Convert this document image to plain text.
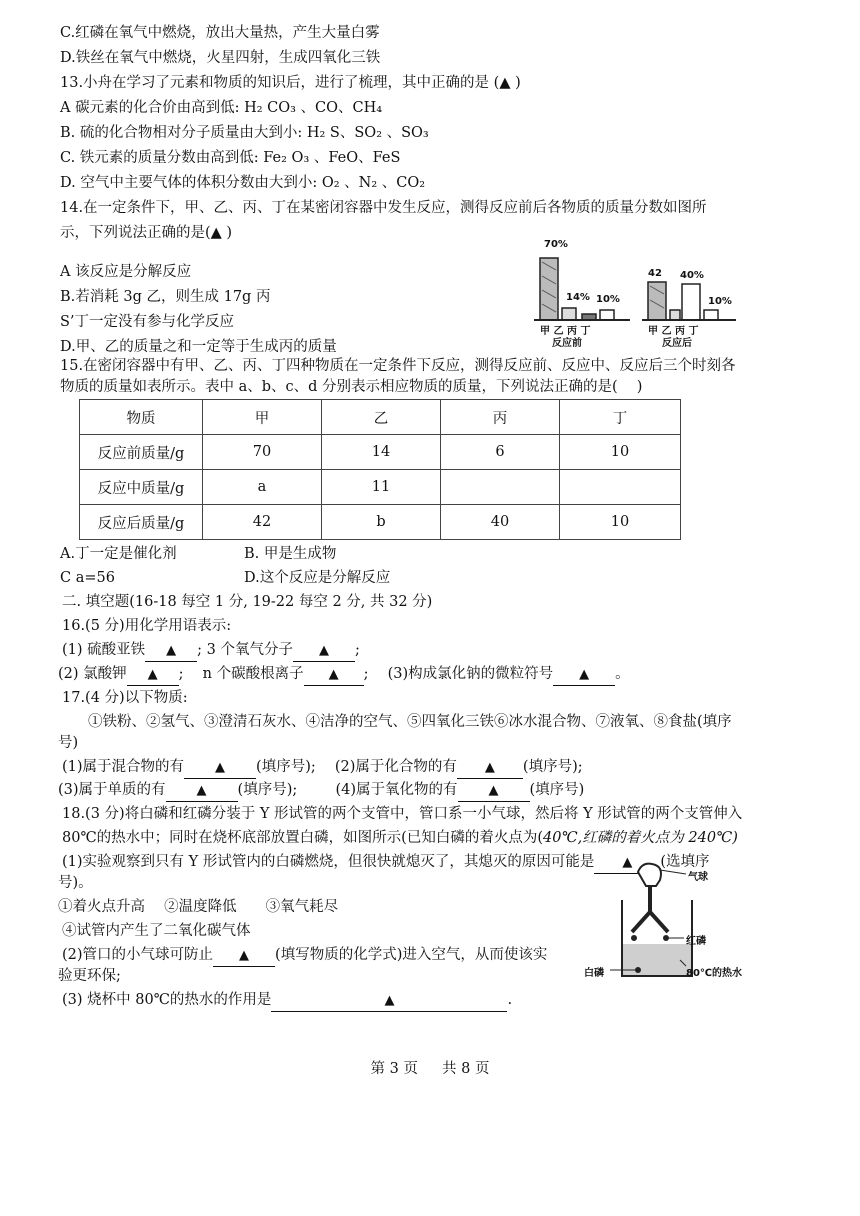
C.红磷在氧气中燃烧，放出大量热，产生大量白雾
D.铁丝在氧气中燃烧，火星四射，生成四氧化三铁
13.小舟在学习了元素和物质的知识后，进行了梳理，其中正确的是 (▲ )
A 碳元素的化合价由高到低: H₂ CO₃ 、CO、CH₄
B. 硫的化合物相对分子质量由大到小: H₂ S、SO₂ 、SO₃
C. 铁元素的质量分数由高到低: Fe₂ O₃ 、FeO、FeS
D. 空气中主要气体的体积分数由大到小: O₂ 、N₂ 、CO₂
14.在一定条件下，甲、乙、丙、丁在某密闭容器中发生反应，测得反应前后各物质的质量分数如图所
示，下列说法正确的是(▲ )
A 该反应是分解反应
B.若消耗 3g 乙，则生成 17g 丙
S’丁一定没有参与化学反应
D.甲、乙的质量之和一定等于生成丙的质量
70%
14% 10%
甲 乙 丙 丁
反应前
42 40%
10%
甲 乙 丙 丁
反应后
15.在密闭容器中有甲、乙、丙、丁四种物质在一定条件下反应，测得反应前、反应中、反应后三个时刻各
物质的质量如表所示。表中 a、b、c、d 分别表示相应物质的质量，下列说法正确的是(　 )
物质	甲	乙	丙	丁
反应前质量/g	70	14	6	10
反应中质量/g	a	11		
反应后质量/g	42	b	40	10
A.丁一定是催化剂	B. 甲是生成物
C a=56	D.这个反应是分解反应
二. 填空题(16-18 每空 1 分, 19-22 每空 2 分, 共 32 分)
16.(5 分)用化学用语表示:
(1) 硫酸亚铁 ▲ ; 3 个氧气分子 ▲ ;
(2) 氯酸钾 ▲ ;　 n 个碳酸根离子 ▲ ; 　(3)构成氯化钠的微粒符号 ▲ 。
17.(4 分)以下物质:
①铁粉、②氢气、③澄清石灰水、④洁净的空气、⑤四氧化三铁⑥冰水混合物、⑦液氧、⑧食盐(填序
号)
(1)属于混合物的有 ▲ (填序号); 　(2)属于化合物的有 ▲ (填序号);
(3)属于单质的有 ▲ (填序号); 　　 (4)属于氧化物的有 ▲ (填序号)
18.(3 分)将白磷和红磷分装于 Y 形试管的两个支管中，管口系一小气球，然后将 Y 形试管的两个支管伸入
80℃的热水中；同时在烧杯底部放置白磷，如图所示(已知白磷的着火点为(40℃,红磷的着火点为 240℃)
(1)实验观察到只有 Y 形试管内的白磷燃烧，但很快就熄灭了，其熄灭的原因可能是 ▲ (选填序
号)。
①着火点升高　 ②温度降低　　③氧气耗尽
④试管内产生了二氧化碳气体
(2)管口的小气球可防止 ▲ (填写物质的化学式)进入空气，从而使该实
验更环保;
(3) 烧杯中 80℃的热水的作用是	▲	.
气球
红磷
白磷	80℃的热水
第 3 页 共 8 页
